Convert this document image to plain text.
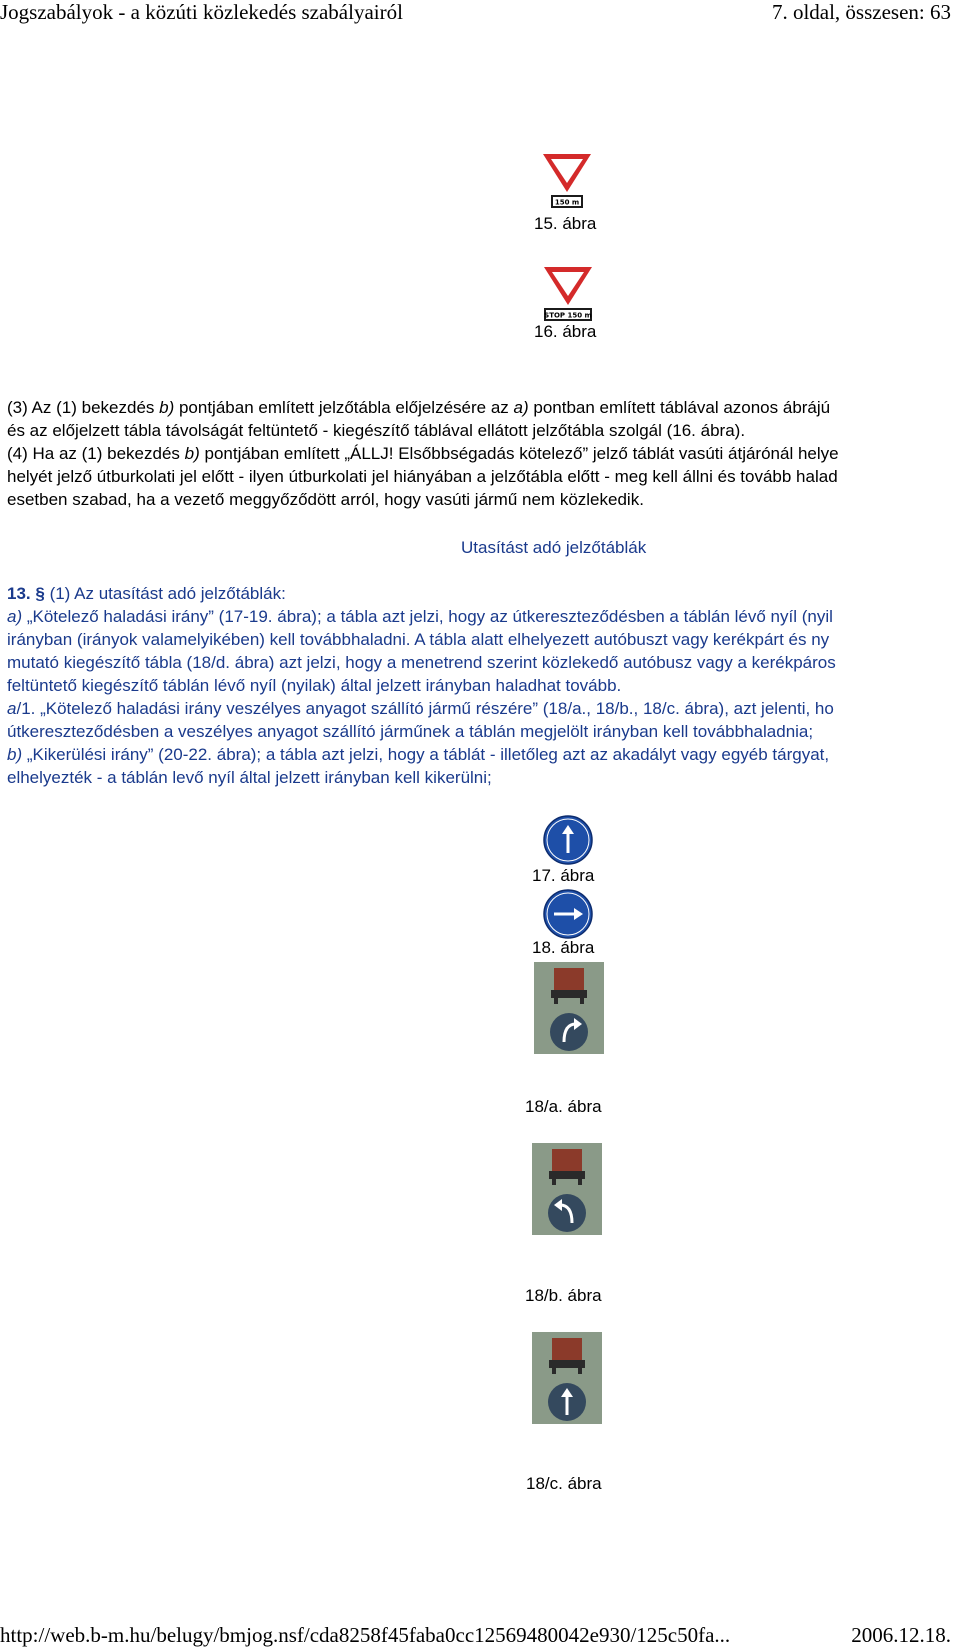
Jogszabályok - a közúti közlekedés szabályairól	7. oldal, összesen: 63
150 m
15. ábra
STOP 150 m
16. ábra
(3) Az (1) bekezdés b) pontjában említett jelzőtábla előjelzésére az a) pontban említett táblával azonos ábrájú
és az előjelzett tábla távolságát feltüntető - kiegészítő táblával ellátott jelzőtábla szolgál (16. ábra).
(4) Ha az (1) bekezdés b) pontjában említett „ÁLLJ! Elsőbbségadás kötelező” jelző táblát vasúti átjárónál helye
helyét jelző útburkolati jel előtt - ilyen útburkolati jel hiányában a jelzőtábla előtt - meg kell állni és tovább halad
esetben szabad, ha a vezető meggyőződött arról, hogy vasúti jármű nem közlekedik.
Utasítást adó jelzőtáblák
13. § (1) Az utasítást adó jelzőtáblák:
a) „Kötelező haladási irány” (17-19. ábra); a tábla azt jelzi, hogy az útkereszteződésben a táblán lévő nyíl (nyil
irányban (irányok valamelyikében) kell továbbhaladni. A tábla alatt elhelyezett autóbuszt vagy kerékpárt és ny
mutató kiegészítő tábla (18/d. ábra) azt jelzi, hogy a menetrend szerint közlekedő autóbusz vagy a kerékpáros
feltüntető kiegészítő táblán lévő nyíl (nyilak) által jelzett irányban haladhat tovább.
a/1. „Kötelező haladási irány veszélyes anyagot szállító jármű részére” (18/a., 18/b., 18/c. ábra), azt jelenti, ho
útkereszteződésben a veszélyes anyagot szállító járműnek a táblán megjelölt irányban kell továbbhaladnia;
b) „Kikerülési irány” (20-22. ábra); a tábla azt jelzi, hogy a táblát - illetőleg azt az akadályt vagy egyéb tárgyat,
elhelyezték - a táblán levő nyíl által jelzett irányban kell kikerülni;
17. ábra
18. ábra
18/a. ábra
18/b. ábra
18/c. ábra
http://web.b-m.hu/belugy/bmjog.nsf/cda8258f45faba0cc12569480042e930/125c50fa...	2006.12.18.
